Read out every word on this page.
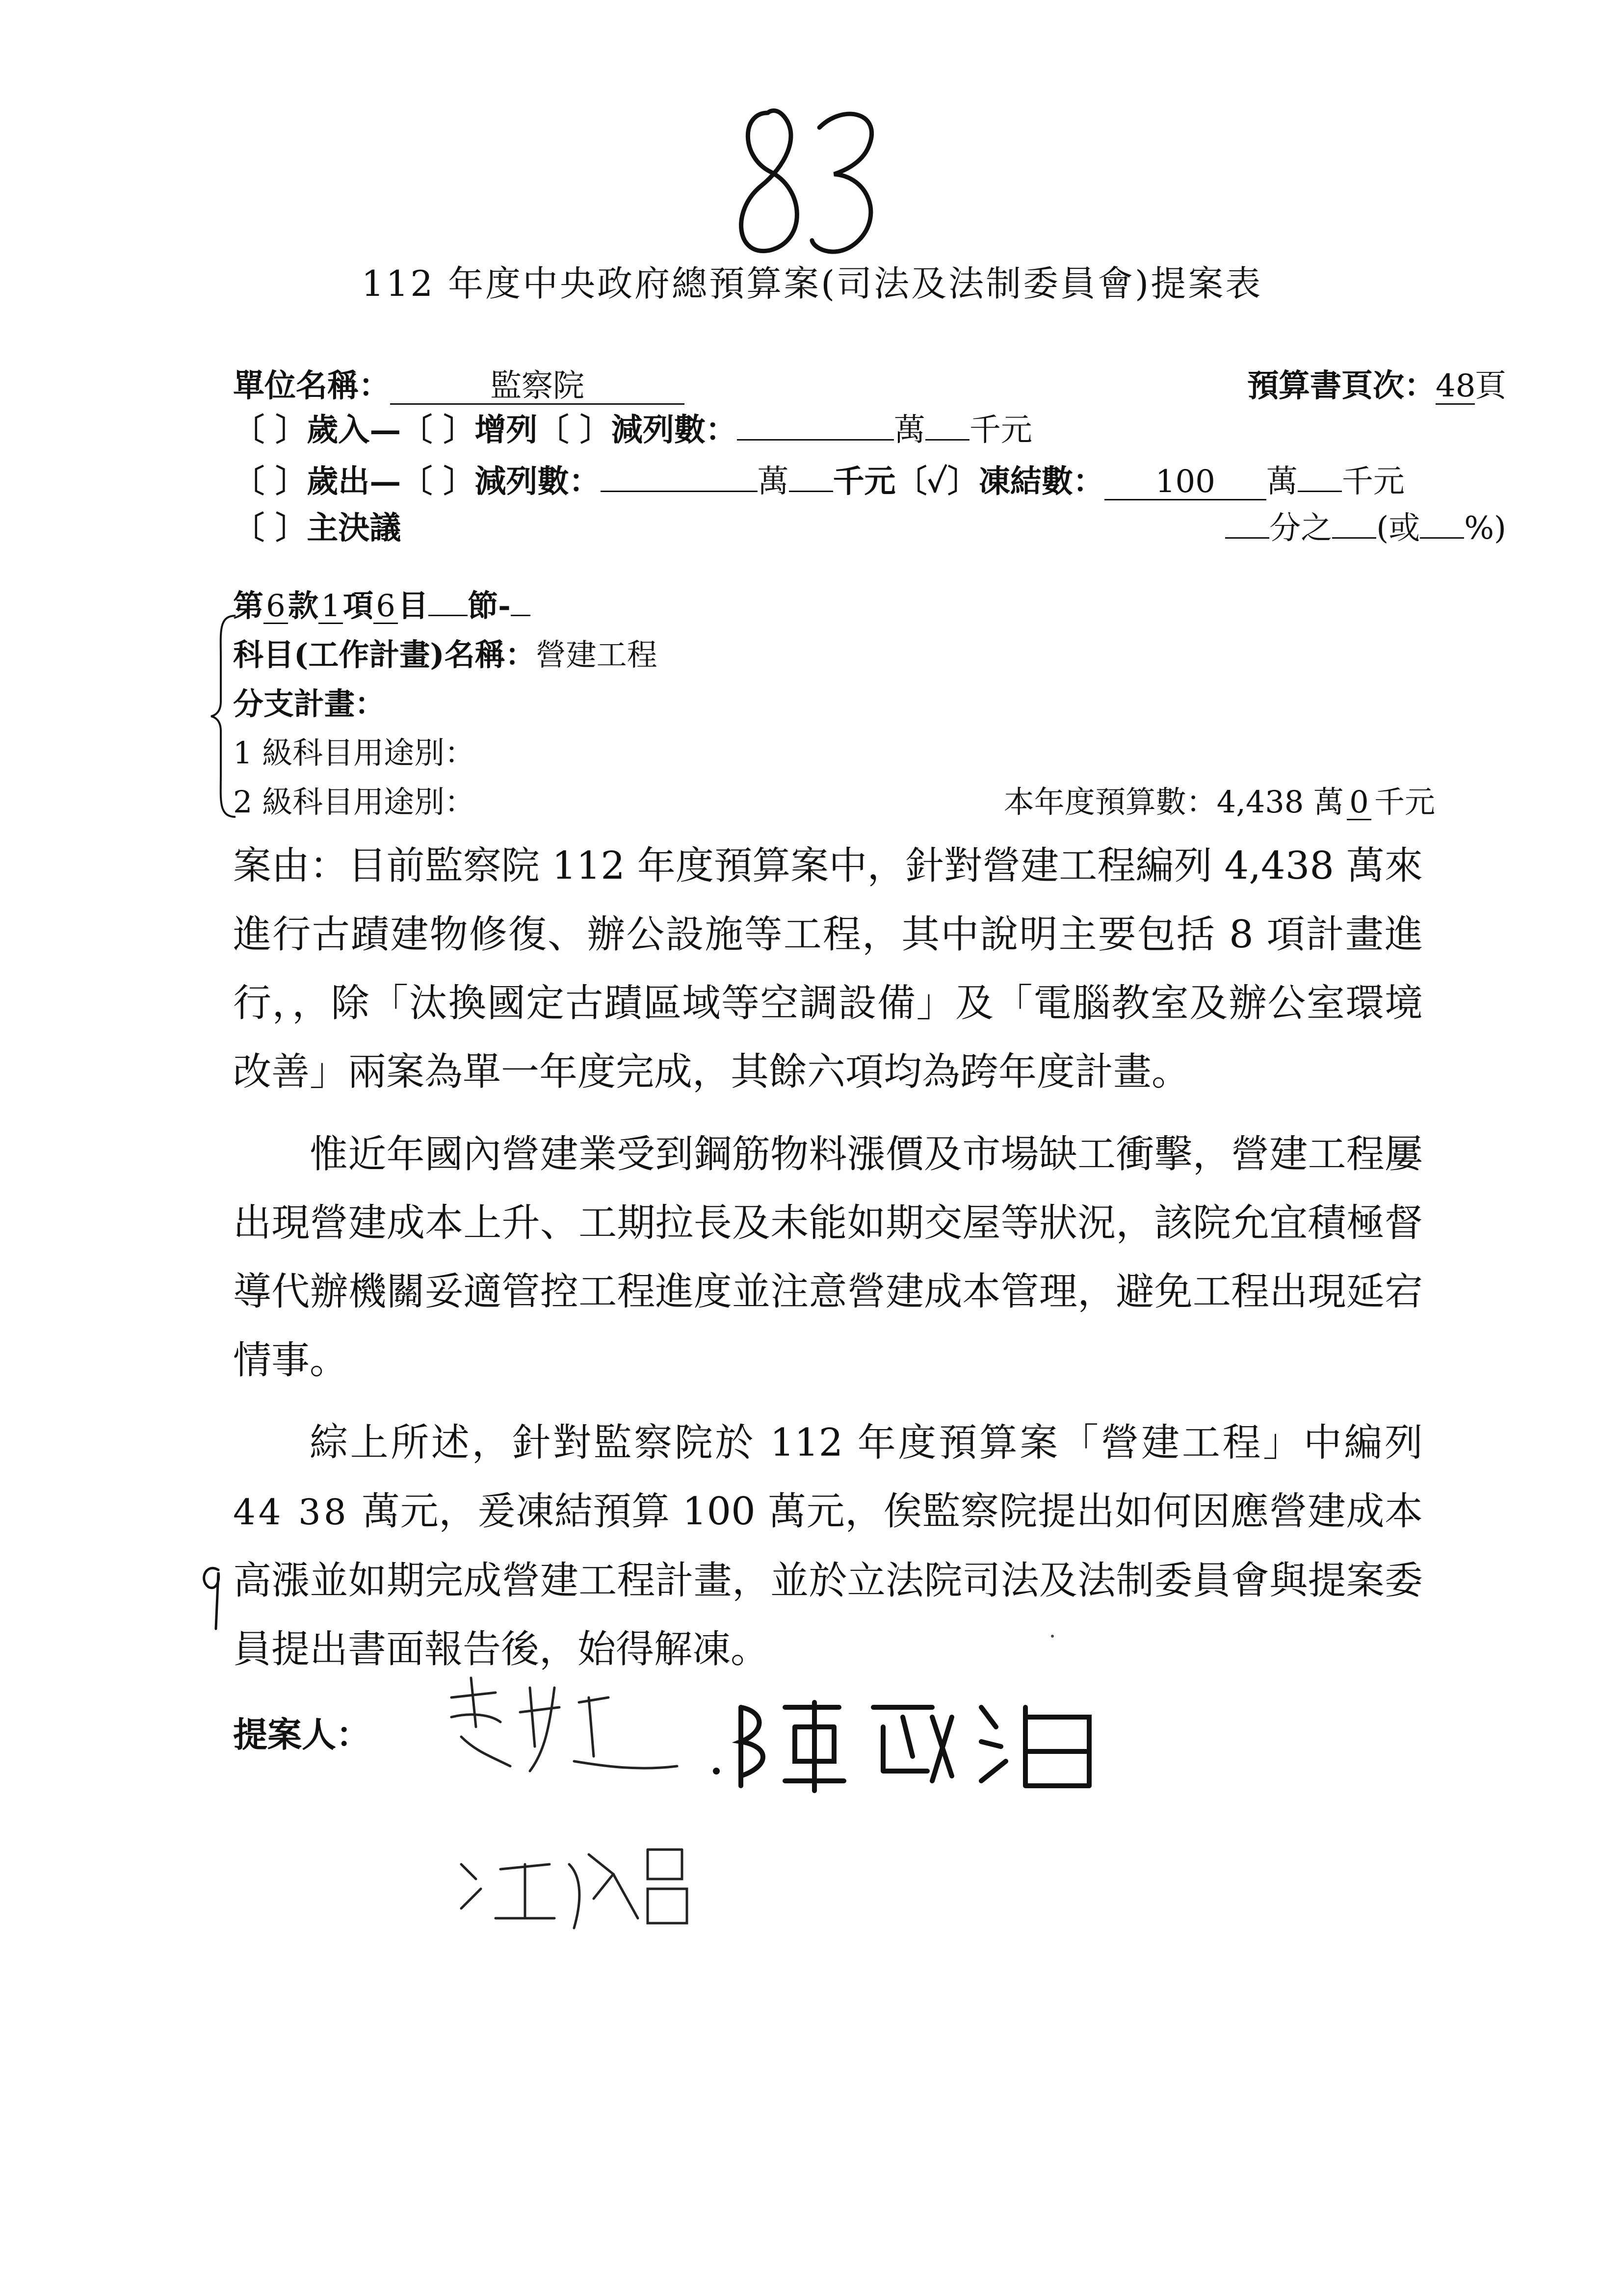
112 年度中央政府總預算案(司法及法制委員會)提案表
單位名稱：	監察院	預算書頁次： 48
頁
〔 〕歲入—〔 〕增列〔 〕減列數：	萬 千元
〔 〕歲出—〔 〕減列數：	萬 千元〔✓〕凍結數：	100	萬 千元
〔 〕主決議	分之 (或 %)
第 6 款 1 項 6 目 節-
科目(工作計畫)名稱： 營建工程
分支計畫：
1 級科目用途別：
2 級科目用途別：	本年度預算數：4,438 萬 0 千元

案由：目前監察院 112 年度預算案中，針對營建工程編列 4,438 萬來進行古蹟建物修復、辦公設施等工程，其中說明主要包括 8 項計畫進行，，除「汰換國定古蹟區域等空調設備」及「電腦教室及辦公室環境改善」兩案為單一年度完成，其餘六項均為跨年度計畫。

惟近年國內營建業受到鋼筋物料漲價及市場缺工衝擊，營建工程屢出現營建成本上升、工期拉長及未能如期交屋等狀況，該院允宜積極督導代辦機關妥適管控工程進度並注意營建成本管理，避免工程出現延宕情事。

綜上所述，針對監察院於 112 年度預算案「營建工程」中編列 44 38 萬元，爰凍結預算 100 萬元，俟監察院提出如何因應營建成本高漲並如期完成營建工程計畫，並於立法院司法及法制委員會與提案委員提出書面報告後，始得解凍。

提案人：
